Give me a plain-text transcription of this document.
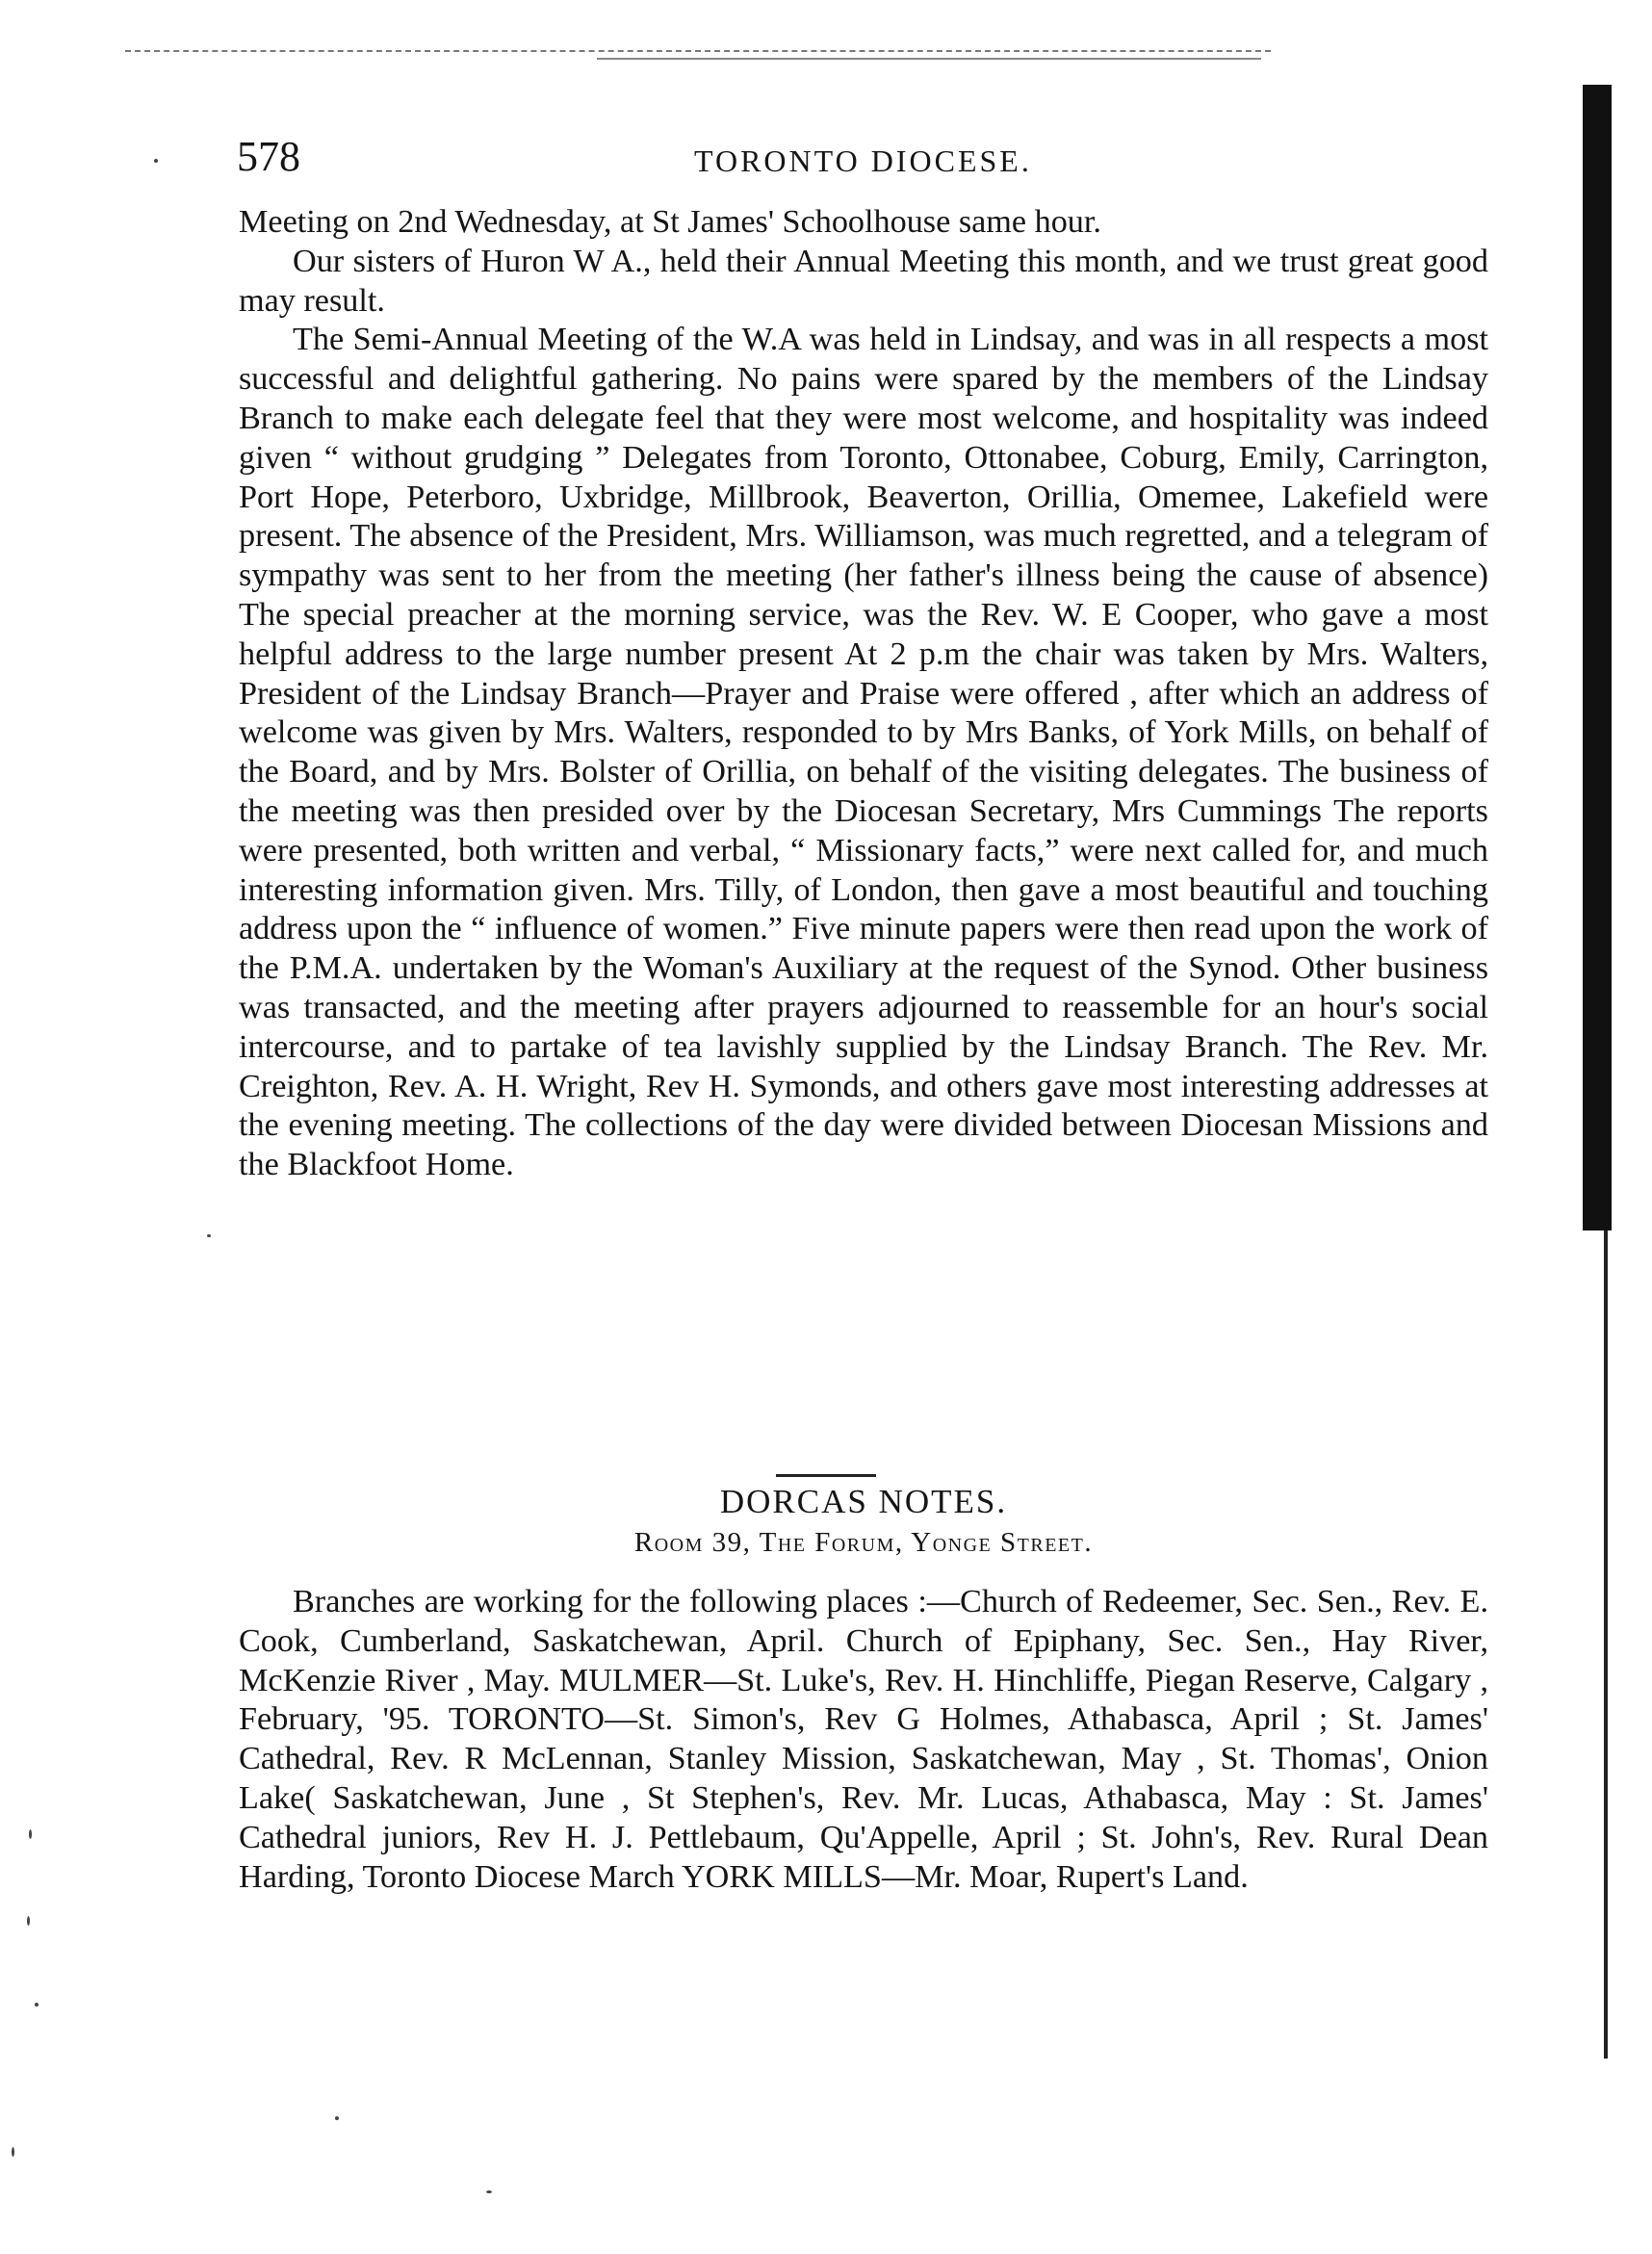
578	TORONTO DIOCESE.

Meeting on 2nd Wednesday, at St James' Schoolhouse same hour.

Our sisters of Huron W A., held their Annual Meeting this month, and we trust great good may result.

The Semi-Annual Meeting of the W.A was held in Lindsay, and was in all respects a most successful and delightful gathering. No pains were spared by the members of the Lindsay Branch to make each delegate feel that they were most welcome, and hospitality was indeed given “ without grudging ” Delegates from Toronto, Ottonabee, Coburg, Emily, Carrington, Port Hope, Peterboro, Uxbridge, Millbrook, Beaverton, Orillia, Omemee, Lakefield were present. The absence of the President, Mrs. Williamson, was much regretted, and a telegram of sympathy was sent to her from the meeting (her father's illness being the cause of absence) The special preacher at the morning service, was the Rev. W. E Cooper, who gave a most helpful address to the large number present At 2 p.m the chair was taken by Mrs. Walters, President of the Lindsay Branch—Prayer and Praise were offered , after which an address of welcome was given by Mrs. Walters, responded to by Mrs Banks, of York Mills, on behalf of the Board, and by Mrs. Bolster of Orillia, on behalf of the visiting delegates. The business of the meeting was then presided over by the Diocesan Secretary, Mrs Cummings The reports were presented, both written and verbal, “ Missionary facts,” were next called for, and much interesting information given. Mrs. Tilly, of London, then gave a most beautiful and touching address upon the “ influence of women.” Five minute papers were then read upon the work of the P.M.A. undertaken by the Woman's Auxiliary at the request of the Synod. Other business was transacted, and the meeting after prayers adjourned to reassemble for an hour's social intercourse, and to partake of tea lavishly supplied by the Lindsay Branch. The Rev. Mr. Creighton, Rev. A. H. Wright, Rev H. Symonds, and others gave most interesting addresses at the evening meeting. The collections of the day were divided between Diocesan Missions and the Blackfoot Home.

DORCAS NOTES.
Room 39, The Forum, Yonge Street.

Branches are working for the following places :—Church of Redeemer, Sec. Sen., Rev. E. Cook, Cumberland, Saskatchewan, April. Church of Epiphany, Sec. Sen., Hay River, McKenzie River , May. MULMER—St. Luke's, Rev. H. Hinchliffe, Piegan Reserve, Calgary , February, '95. TORONTO—St. Simon's, Rev G Holmes, Athabasca, April ; St. James' Cathedral, Rev. R McLennan, Stanley Mission, Saskatchewan, May , St. Thomas', Onion Lake( Saskatchewan, June , St Stephen's, Rev. Mr. Lucas, Athabasca, May : St. James' Cathedral juniors, Rev H. J. Pettlebaum, Qu'Appelle, April ; St. John's, Rev. Rural Dean Harding, Toronto Diocese March YORK MILLS—Mr. Moar, Rupert's Land.
